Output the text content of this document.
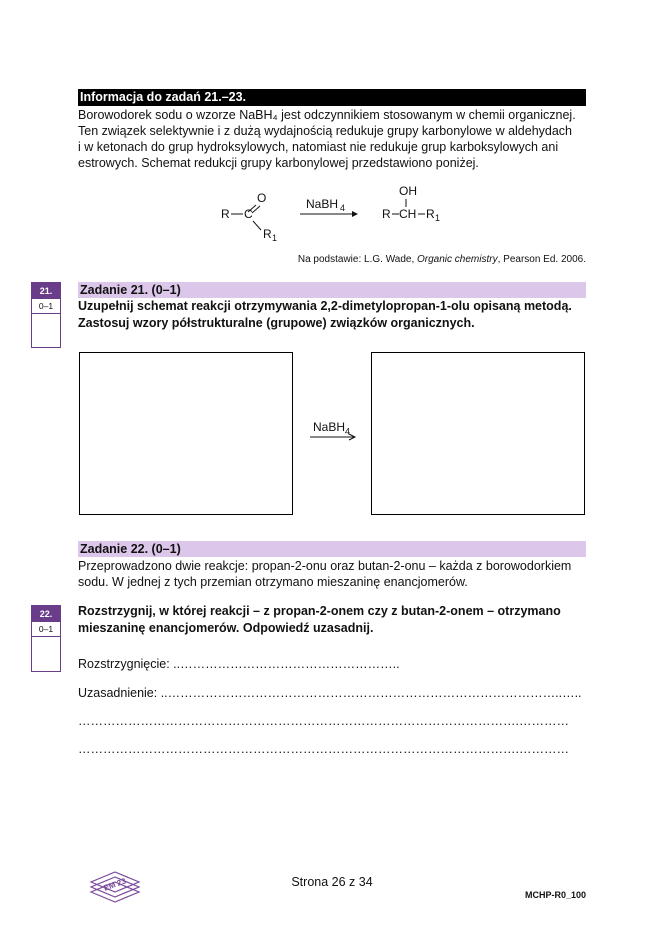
Informacja do zadań 21.–23.
Borowodorek sodu o wzorze NaBH₄ jest odczynnikiem stosowanym w chemii organicznej.
Ten związek selektywnie i z dużą wydajnością redukuje grupy karbonylowe w aldehydach
i w ketonach do grup hydroksylowych, natomiast nie redukuje grup karboksylowych ani
estrowych. Schemat redukcji grupy karbonylowej przedstawiono poniżej.
O
R C
R 1
NaBH 4
OH
R CH R 1
Na podstawie: L.G. Wade, Organic chemistry, Pearson Ed. 2006.
21.
0–1
Zadanie 21. (0–1)
Uzupełnij schemat reakcji otrzymywania 2,2-dimetylopropan-1-olu opisaną metodą.
Zastosuj wzory półstrukturalne (grupowe) związków organicznych.
NaBH$_4$
Zadanie 22. (0–1)
Przeprowadzono dwie reakcje: propan-2-onu oraz butan-2-onu – każda z borowodorkiem
sodu. W jednej z tych przemian otrzymano mieszaninę enancjomerów.
22.
0–1
Rozstrzygnij, w której reakcji – z propan-2-onem czy z butan-2-onem – otrzymano
mieszaninę enancjomerów. Odpowiedź uzasadnij.
Rozstrzygnięcie: ..……………………………………………..
Uzasadnienie: ..…………………………………………………………………………………..…..
…………………………………………………………………………………………….…………
…………………………………………………………………………………………….…………
EM 23	Strona 26 z 34
MCHP-R0_100
